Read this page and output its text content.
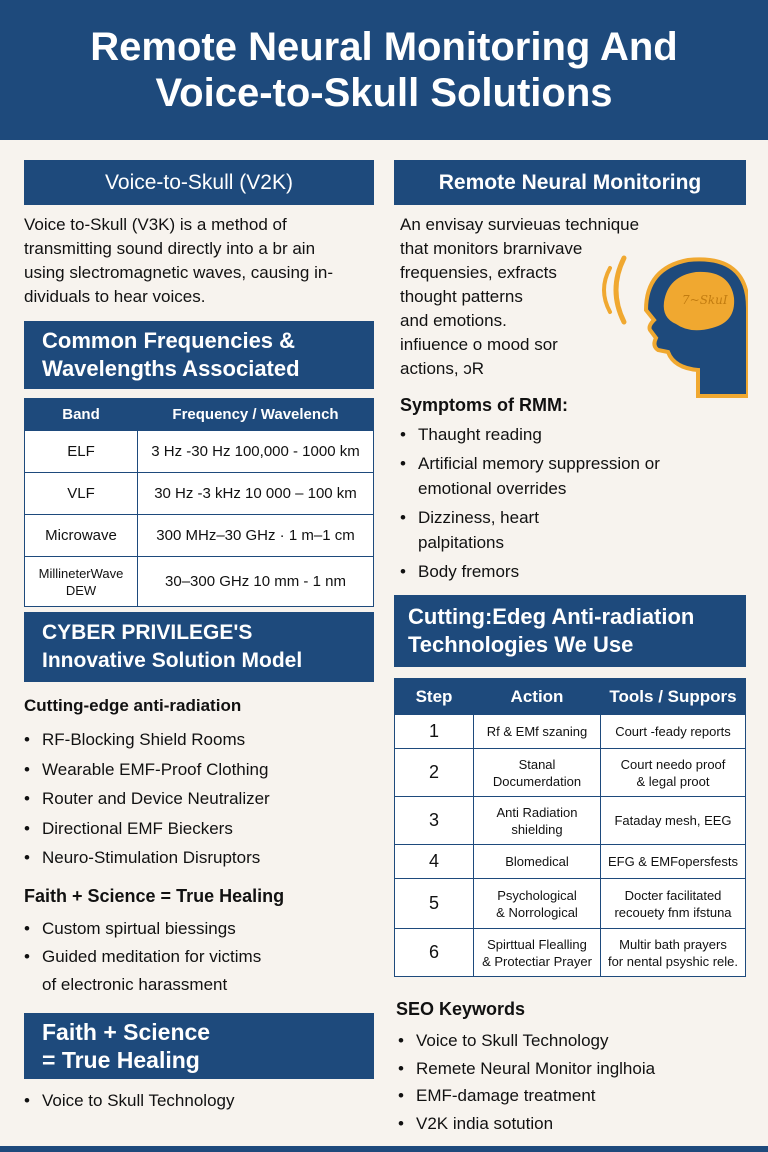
Remote Neural Monitoring And
Voice-to-Skull Solutions
Voice-to-Skull (V2K)
Voice to-Skull (V3K) is a method of
transmitting sound directly into a br ain
using slectromagnetic waves, causing in-
dividuals to hear voices.
Common Frequencies &
Wavelengths Associated
Band	Frequency / Wavelench
ELF	3 Hz -30 Hz 100,000 - 1000 km
VLF	30 Hz -3 kHz 10 000 – 100 km
Microwave	300 MHz–30 GHz · 1 m–1 cm
MillineterWave
DEW	30–300 GHz 10 mm - 1 nm
CYBER PRIVILEGE'S
Innovative Solution Model
Cutting-edge anti-radiation
• RF-Blocking Shield Rooms
• Wearable EMF-Proof Clothing
• Router and Device Neutralizer
• Directional EMF Bieckers
• Neuro-Stimulation Disruptors
Faith + Science = True Healing
• Custom spirtual biessings
• Guided meditation for victims
of electronic harassment
Faith + Science
= True Healing
• Voice to Skull Technology
Remote Neural Monitoring
An envisay survieuas technique
that monitors brarnivave
frequensies, exfracts
thought patterns
and emotions.
infiuence o mood sor
actions, ɔR
7~SkuI
Symptoms of RMM:
• Thaught reading
• Artificial memory suppression or
emotional overrides
• Dizziness, heart
palpitations
• Body fremors
Cutting:Edeg Anti-radiation
Technologies We Use
Step	Action	Tools / Suppors
1	Rf & EMf szaning	Court -feady reports
2	Stanal
Documerdation	Court needo proof
& legal proot
3	Anti Radiation
shielding	Fataday mesh, EEG
4	Blomedical	EFG & EMFopersfests
5	Psychological
& Norrological	Docter facilitated
recouety fnm ifstuna
6	Spirttual Flealling
& Protectiar Prayer	Multir bath prayers
for nental psyshic rele.
SEO Keywords
• Voice to Skull Technology
• Remete Neural Monitor inglhoia
• EMF-damage treatment
• V2K india sotution
